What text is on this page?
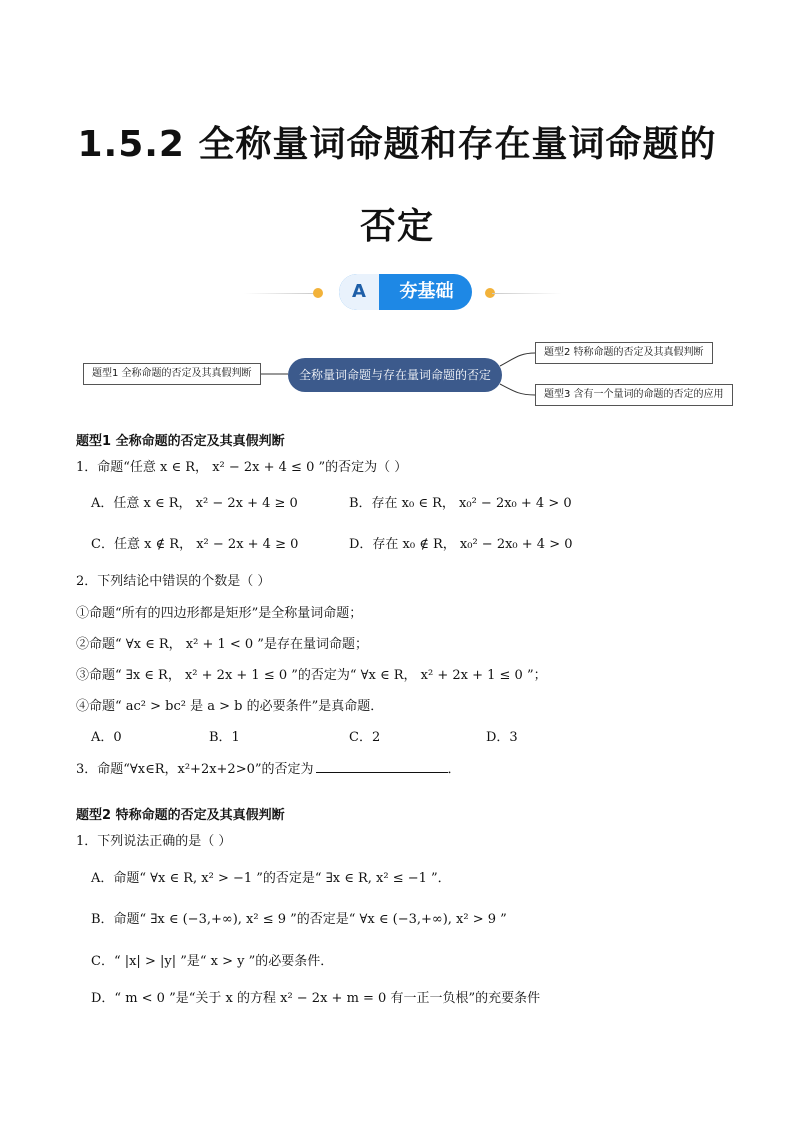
1.5.2 全称量词命题和存在量词命题的
否定
A	夯基础
题型1 全称命题的否定及其真假判断	全称量词命题与存在量词命题的否定
题型2 特称命题的否定及其真假判断
题型3 含有一个量词的命题的否定的应用
题型1 全称命题的否定及其真假判断
1．命题“任意 x ∈ R， x² − 2x + 4 ≤ 0 ”的否定为（ ）
A．任意 x ∈ R， x² − 2x + 4 ≥ 0	B．存在 x₀ ∈ R， x₀² − 2x₀ + 4 > 0
C．任意 x ∉ R， x² − 2x + 4 ≥ 0	D．存在 x₀ ∉ R， x₀² − 2x₀ + 4 > 0
2．下列结论中错误的个数是（ ）
①命题“所有的四边形都是矩形”是全称量词命题；
②命题“ ∀x ∈ R， x² + 1 < 0 ”是存在量词命题；
③命题“ ∃x ∈ R， x² + 2x + 1 ≤ 0 ”的否定为“ ∀x ∈ R， x² + 2x + 1 ≤ 0 ”；
④命题“ ac² > bc² 是 a > b 的必要条件”是真命题．
A．0	B．1	C．2	D．3
3．命题“∀x∈R，x²+2x+2>0”的否定为	．
题型2 特称命题的否定及其真假判断
1．下列说法正确的是（ ）
A．命题“ ∀x ∈ R, x² > −1 ”的否定是“ ∃x ∈ R, x² ≤ −1 ”．
B．命题“ ∃x ∈ (−3,+∞), x² ≤ 9 ”的否定是“ ∀x ∈ (−3,+∞), x² > 9 ”
C．“ |x| > |y| ”是“ x > y ”的必要条件．
D．“ m < 0 ”是“关于 x 的方程 x² − 2x + m = 0 有一正一负根”的充要条件
